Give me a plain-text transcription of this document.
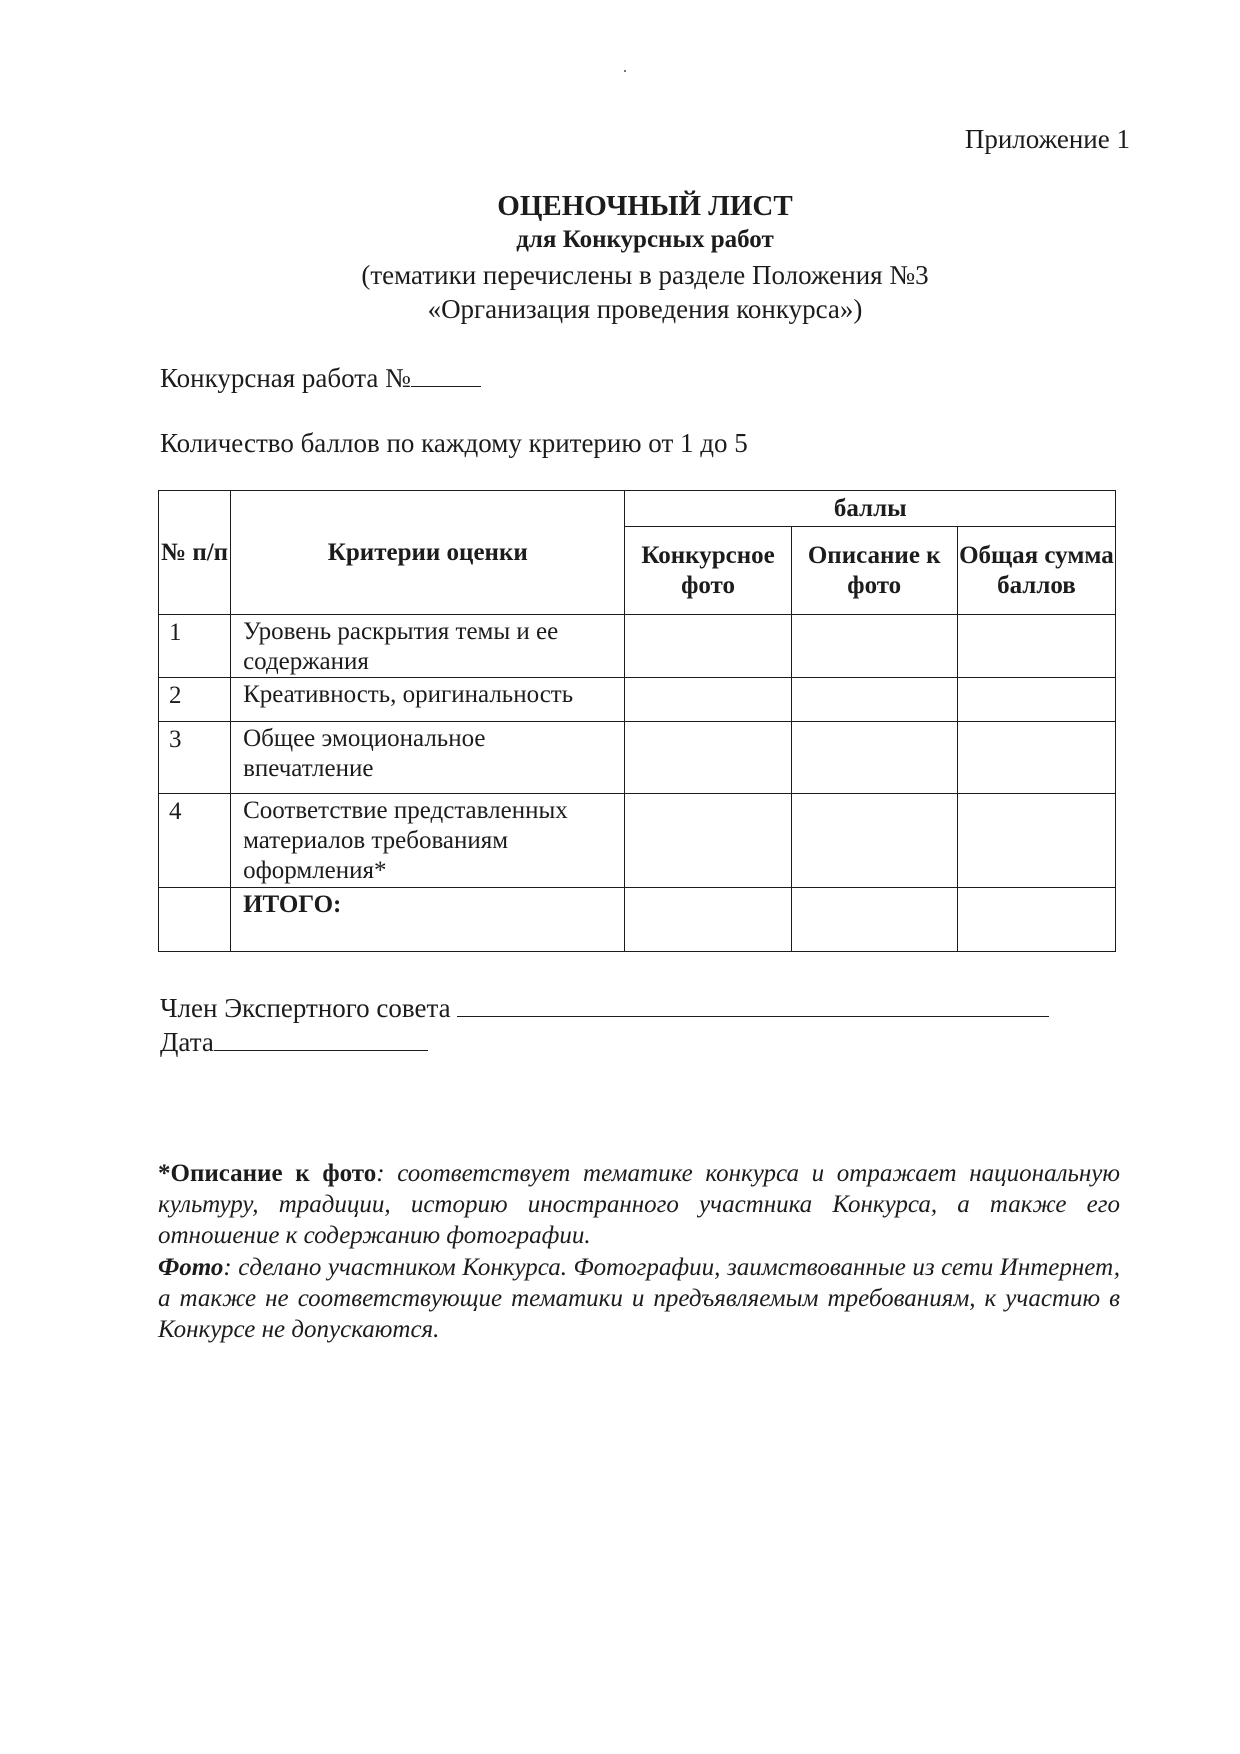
Приложение 1
ОЦЕНОЧНЫЙ ЛИСТ
для Конкурсных работ
(тематики перечислены в разделе Положения №3
«Организация проведения конкурса»)
Конкурсная работа №
Количество баллов по каждому критерию от 1 до 5
№ п/п	Критерии оценки	баллы		
		Конкурсное фото	Описание к фото	Общая сумма баллов
1	Уровень раскрытия темы и ее содержания			
2	Креативность, оригинальность			
3	Общее эмоциональное впечатление			
4	Соответствие представленных материалов требованиям оформления*			
	ИТОГО:			
Член Экспертного совета
Дата
*Описание к фото: соответствует тематике конкурса и отражает национальную культуру, традиции, историю иностранного участника Конкурса, а также его отношение к содержанию фотографии.
Фото: сделано участником Конкурса. Фотографии, заимствованные из сети Интернет, а также не соответствующие тематики и предъявляемым требованиям, к участию в Конкурсе не допускаются.
